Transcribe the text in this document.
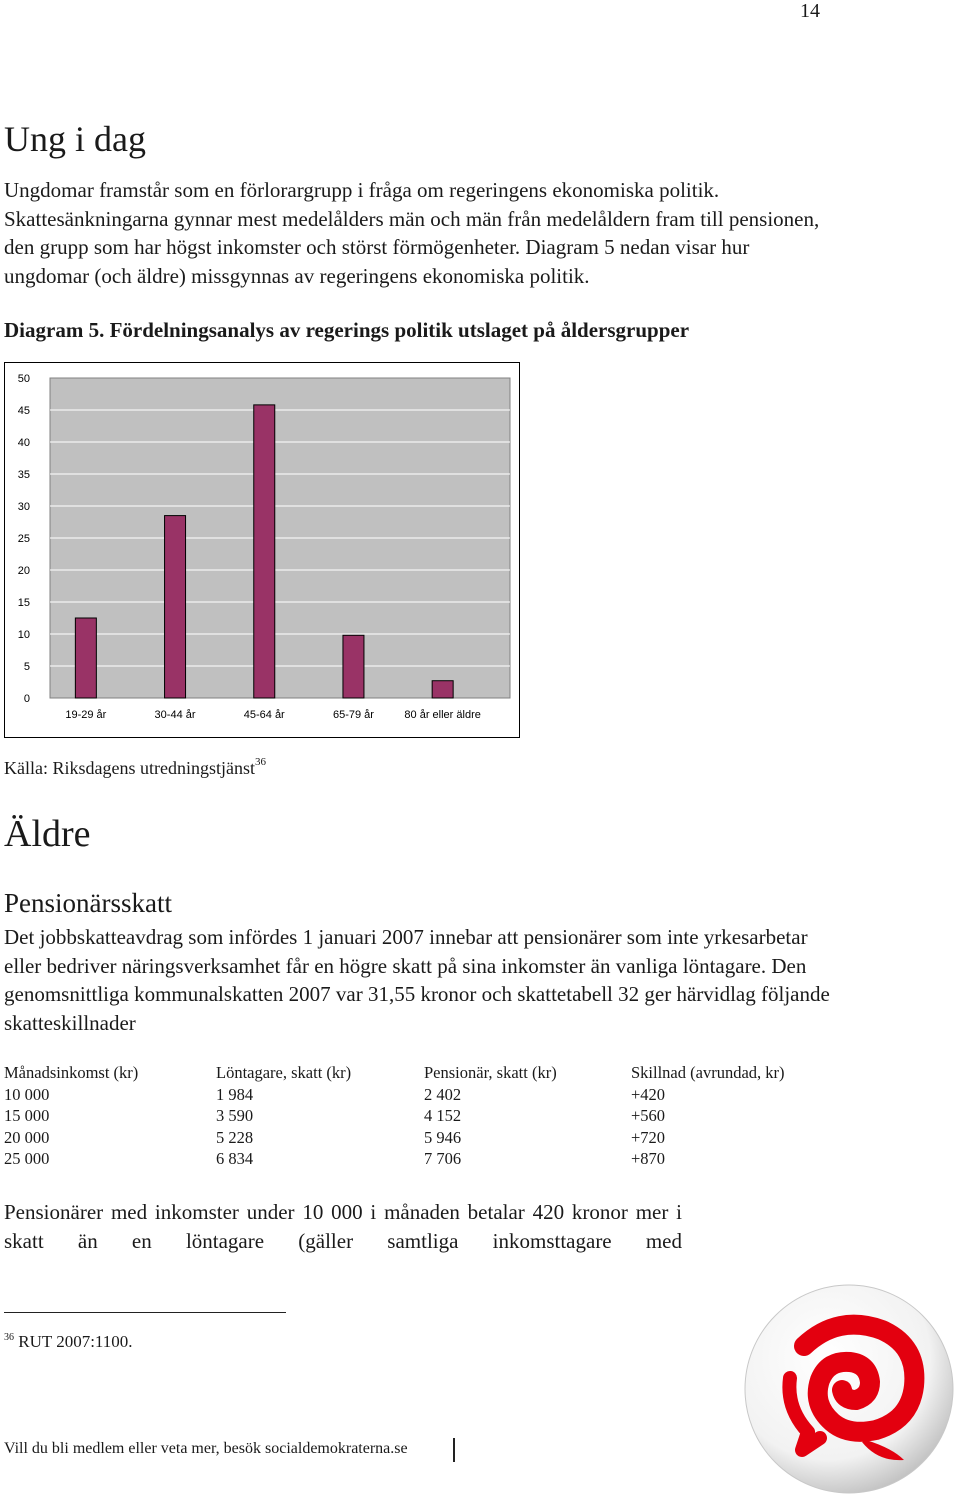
14
Ung i dag

Ungdomar framstår som en förlorargrupp i fråga om regeringens ekonomiska politik. Skattesänkningarna gynnar mest medelålders män och män från medelåldern fram till pensionen, den grupp som har högst inkomster och störst förmögenheter. Diagram 5 nedan visar hur ungdomar (och äldre) missgynnas av regeringens ekonomiska politik.

Diagram 5. Fördelningsanalys av regerings politik utslaget på åldersgrupper
0
5
10
15
20
25
30
35
40
45
50
19-29 år	30-44 år	45-64 år	65-79 år	80 år eller äldre
Källa: Riksdagens utredningstjänst$^{36}$
Äldre
Pensionärsskatt

Det jobbskatteavdrag som infördes 1 januari 2007 innebar att pensionärer som inte yrkesarbetar eller bedriver näringsverksamhet får en högre skatt på sina inkomster än vanliga löntagare. Den genomsnittliga kommunalskatten 2007 var 31,55 kronor och skattetabell 32 ger härvidlag följande skatteskillnader

Månadsinkomst (kr)	Löntagare, skatt (kr)	Pensionär, skatt (kr)	Skillnad (avrundad, kr)
10 000	1 984	2 402	+420
15 000	3 590	4 152	+560
20 000	5 228	5 946	+720
25 000	6 834	7 706	+870

Pensionärer med inkomster under 10 000 i månaden betalar 420 kronor mer i skatt än en löntagare (gäller samtliga inkomsttagare med

$^{36}$ RUT 2007:1100.
Vill du bli medlem eller veta mer, besök socialdemokraterna.se
